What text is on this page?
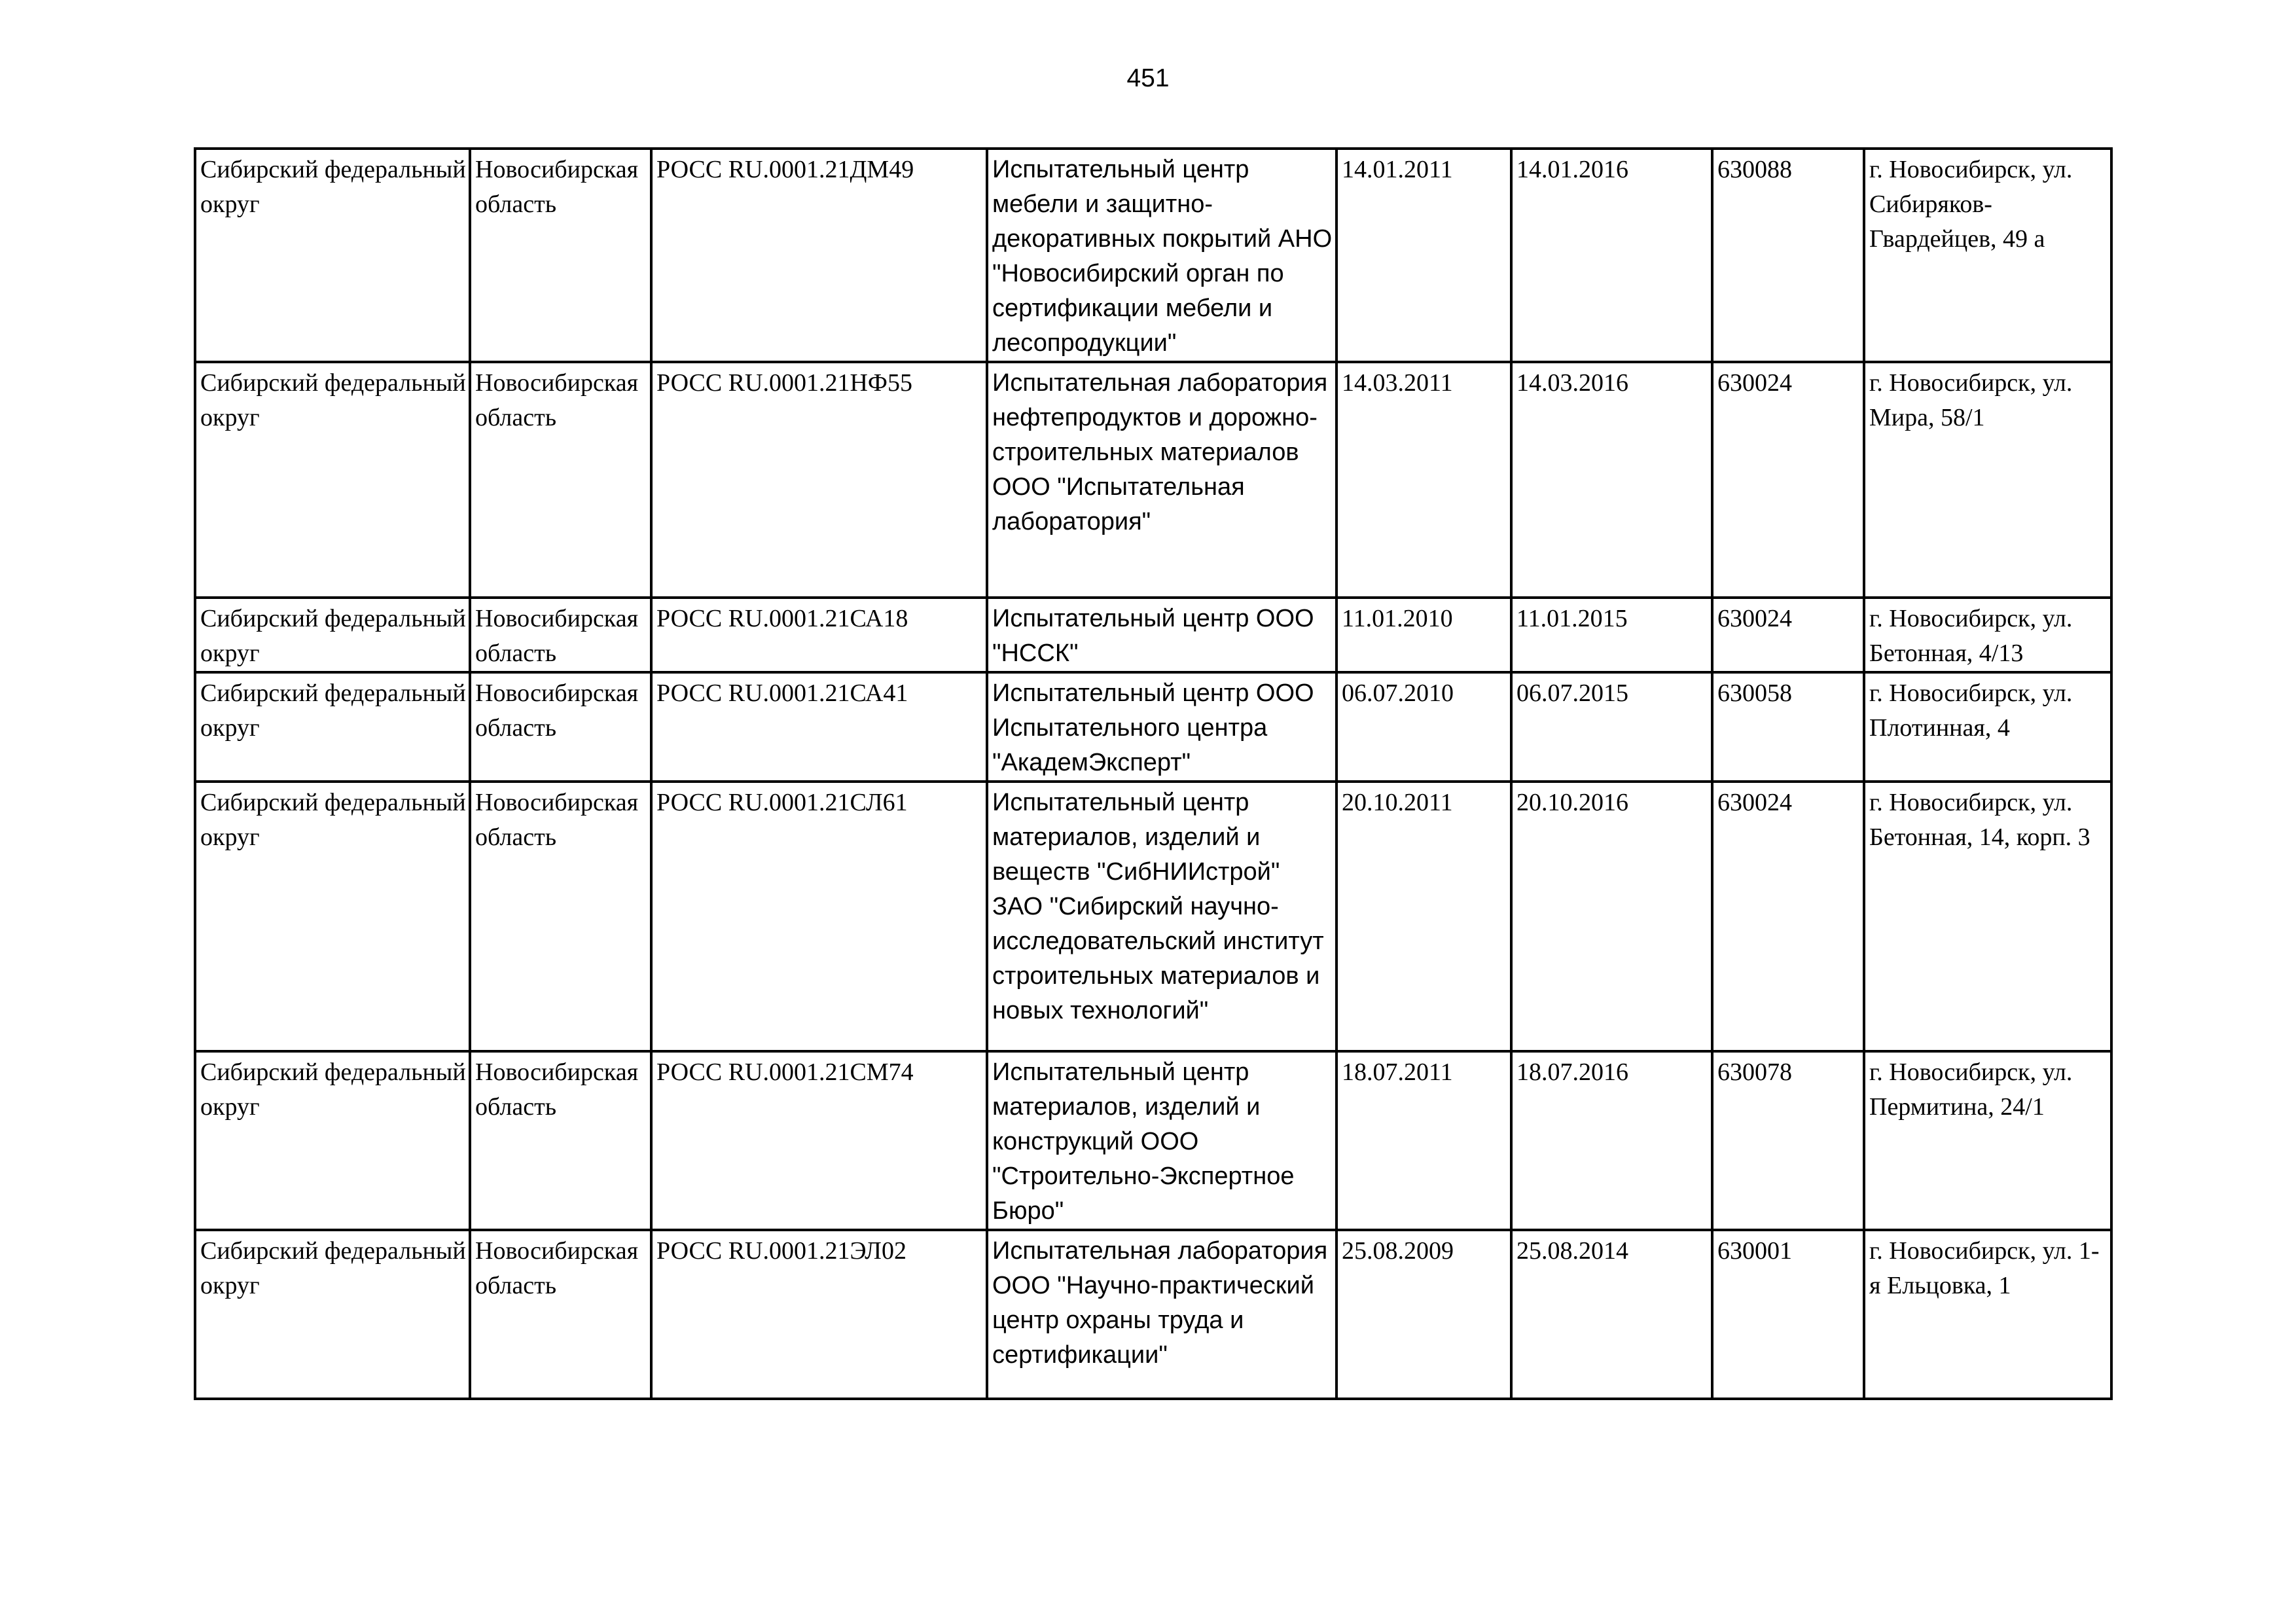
451
Сибирский федеральный округ	Новосибирская область	РОСС RU.0001.21ДМ49	Испытательный центр мебели и защитно-декоративных покрытий АНО "Новосибирский орган по сертификации мебели и лесопродукции"	14.01.2011	14.01.2016	630088	г. Новосибирск, ул. Сибиряков-Гвардейцев, 49 а
Сибирский федеральный округ	Новосибирская область	РОСС RU.0001.21НФ55	Испытательная лаборатория нефтепродуктов и дорожно-строительных материалов ООО "Испытательная лаборатория"	14.03.2011	14.03.2016	630024	г. Новосибирск, ул. Мира, 58/1
Сибирский федеральный округ	Новосибирская область	РОСС RU.0001.21СА18	Испытательный центр ООО "НССК"	11.01.2010	11.01.2015	630024	г. Новосибирск, ул. Бетонная, 4/13
Сибирский федеральный округ	Новосибирская область	РОСС RU.0001.21СА41	Испытательный центр ООО Испытательного центра "АкадемЭксперт"	06.07.2010	06.07.2015	630058	г. Новосибирск, ул. Плотинная, 4
Сибирский федеральный округ	Новосибирская область	РОСС RU.0001.21СЛ61	Испытательный центр материалов, изделий и веществ "СибНИИстрой" ЗАО "Сибирский научно-исследовательский институт строительных материалов и новых технологий"	20.10.2011	20.10.2016	630024	г. Новосибирск, ул. Бетонная, 14, корп. 3
Сибирский федеральный округ	Новосибирская область	РОСС RU.0001.21СМ74	Испытательный центр материалов, изделий и конструкций ООО "Строительно-Экспертное Бюро"	18.07.2011	18.07.2016	630078	г. Новосибирск, ул. Пермитина, 24/1
Сибирский федеральный округ	Новосибирская область	РОСС RU.0001.21ЭЛ02	Испытательная лаборатория ООО "Научно-практический центр охраны труда и сертификации"	25.08.2009	25.08.2014	630001	г. Новосибирск, ул. 1-я Ельцовка, 1
